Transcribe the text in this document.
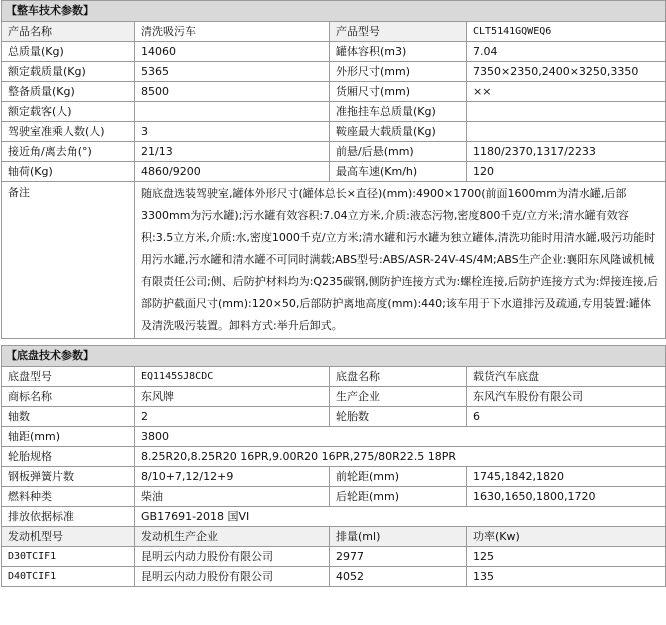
【整车技术参数】			
产品名称	清洗吸污车	产品型号	CLT5141GQWEQ6
总质量(Kg)	14060	罐体容积(m3)	7.04
额定载质量(Kg)	5365	外形尺寸(mm)	7350×2350,2400×3250,3350
整备质量(Kg)	8500	货厢尺寸(mm)	××
额定载客(人)		准拖挂车总质量(Kg)	
驾驶室准乘人数(人)	3	鞍座最大载质量(Kg)	
接近角/离去角(°)	21/13	前悬/后悬(mm)	1180/2370,1317/2233
轴荷(Kg)	4860/9200	最高车速(Km/h)	120
备注	随底盘选装驾驶室,罐体外形尺寸(罐体总长×直径)(mm):4900×1700(前面1600mm为清水罐,后部3300mm为污水罐);污水罐有效容积:7.04立方米,介质:液态污物,密度800千克/立方米;清水罐有效容积:3.5立方米,介质:水,密度1000千克/立方米;清水罐和污水罐为独立罐体,清洗功能时用清水罐,吸污功能时用污水罐,污水罐和清水罐不可同时满载;ABS型号:ABS/ASR-24V-4S/4M;ABS生产企业:襄阳东风隆诚机械有限责任公司;侧、后防护材料均为:Q235碳钢,侧防护连接方式为:螺栓连接,后防护连接方式为:焊接连接,后部防护截面尺寸(mm):120×50,后部防护离地高度(mm):440;该车用于下水道排污及疏通,专用装置:罐体及清洗吸污装置。卸料方式:举升后卸式。		

【底盘技术参数】			
底盘型号	EQ1145SJ8CDC	底盘名称	载货汽车底盘
商标名称	东风牌	生产企业	东风汽车股份有限公司
轴数	2	轮胎数	6
轴距(mm)	3800		
轮胎规格	8.25R20,8.25R20 16PR,9.00R20 16PR,275/80R22.5 18PR		
钢板弹簧片数	8/10+7,12/12+9	前轮距(mm)	1745,1842,1820
燃料种类	柴油	后轮距(mm)	1630,1650,1800,1720
排放依据标准	GB17691-2018 国VI		
发动机型号	发动机生产企业	排量(ml)	功率(Kw)
D30TCIF1	昆明云内动力股份有限公司	2977	125
D40TCIF1	昆明云内动力股份有限公司	4052	135
